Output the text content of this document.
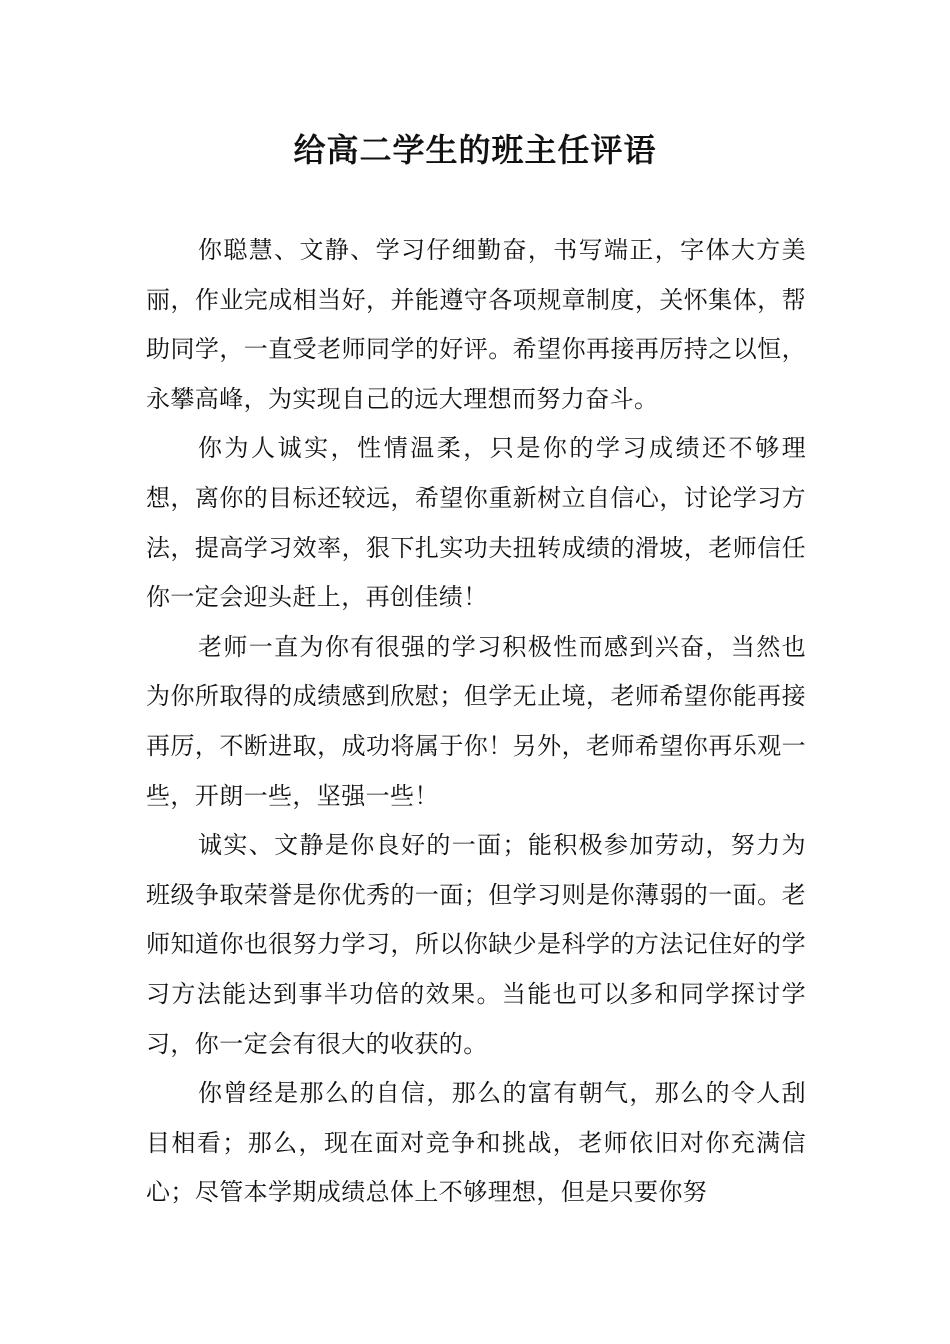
给高二学生的班主任评语

你聪慧、文静、学习仔细勤奋，书写端正，字体大方美丽，作业完成相当好，并能遵守各项规章制度，关怀集体，帮助同学，一直受老师同学的好评。希望你再接再厉持之以恒，永攀高峰，为实现自己的远大理想而努力奋斗。

你为人诚实，性情温柔，只是你的学习成绩还不够理想，离你的目标还较远，希望你重新树立自信心，讨论学习方法，提高学习效率，狠下扎实功夫扭转成绩的滑坡，老师信任你一定会迎头赶上，再创佳绩！

老师一直为你有很强的学习积极性而感到兴奋，当然也为你所取得的成绩感到欣慰；但学无止境，老师希望你能再接再厉，不断进取，成功将属于你！另外，老师希望你再乐观一些，开朗一些，坚强一些！

诚实、文静是你良好的一面；能积极参加劳动，努力为班级争取荣誉是你优秀的一面；但学习则是你薄弱的一面。老师知道你也很努力学习，所以你缺少是科学的方法记住好的学习方法能达到事半功倍的效果。当能也可以多和同学探讨学习，你一定会有很大的收获的。

你曾经是那么的自信，那么的富有朝气，那么的令人刮目相看；那么，现在面对竞争和挑战，老师依旧对你充满信心；尽管本学期成绩总体上不够理想，但是只要你努
